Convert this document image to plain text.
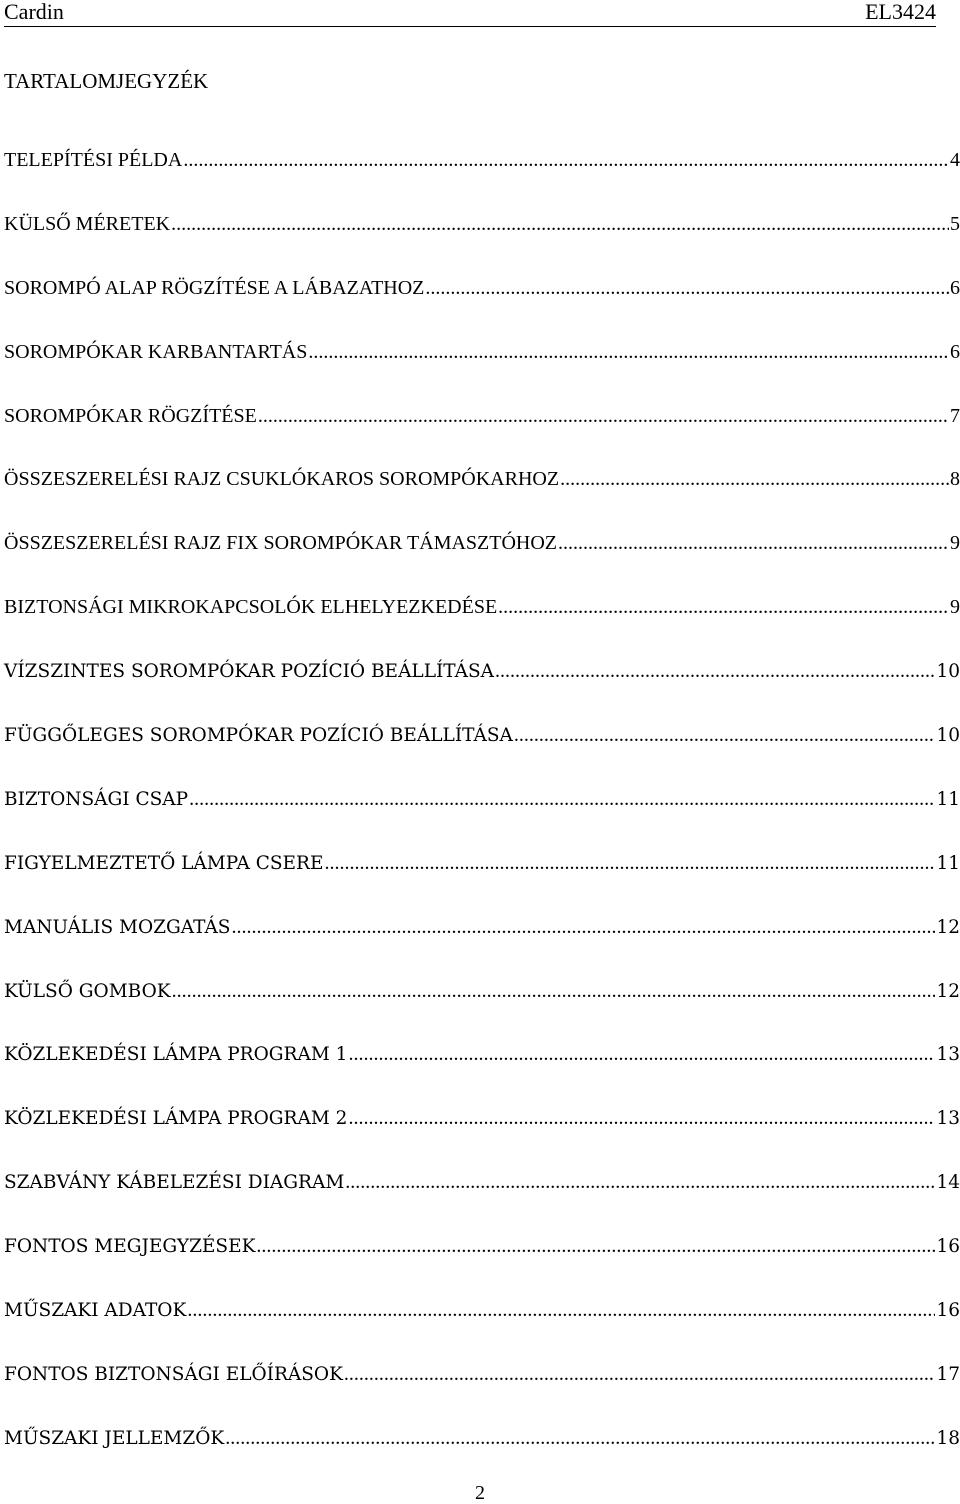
Cardin	EL3424
TARTALOMJEGYZÉK
TELEPÍTÉSI PÉLDA .....	4
KÜLSŐ MÉRETEK .....	5
SOROMPÓ ALAP RÖGZÍTÉSE A LÁBAZATHOZ .....	6
SOROMPÓKAR KARBANTARTÁS .....	6
SOROMPÓKAR RÖGZÍTÉSE .....	7
ÖSSZESZERELÉSI RAJZ CSUKLÓKAROS SOROMPÓKARHOZ .....	8
ÖSSZESZERELÉSI RAJZ FIX SOROMPÓKAR TÁMASZTÓHOZ .....	9
BIZTONSÁGI MIKROKAPCSOLÓK ELHELYEZKEDÉSE .....	9
VÍZSZINTES SOROMPÓKAR POZÍCIÓ BEÁLLÍTÁSA .....	10
FÜGGŐLEGES SOROMPÓKAR POZÍCIÓ BEÁLLÍTÁSA .....	10
BIZTONSÁGI CSAP .....	11
FIGYELMEZTETŐ LÁMPA CSERE .....	11
MANUÁLIS MOZGATÁS .....	12
KÜLSŐ GOMBOK .....	12
KÖZLEKEDÉSI LÁMPA PROGRAM 1 .....	13
KÖZLEKEDÉSI LÁMPA PROGRAM 2 .....	13
SZABVÁNY KÁBELEZÉSI DIAGRAM .....	14
FONTOS MEGJEGYZÉSEK .....	16
MŰSZAKI ADATOK .....	16
FONTOS BIZTONSÁGI ELŐÍRÁSOK .....	17
MŰSZAKI JELLEMZŐK .....	18
2
